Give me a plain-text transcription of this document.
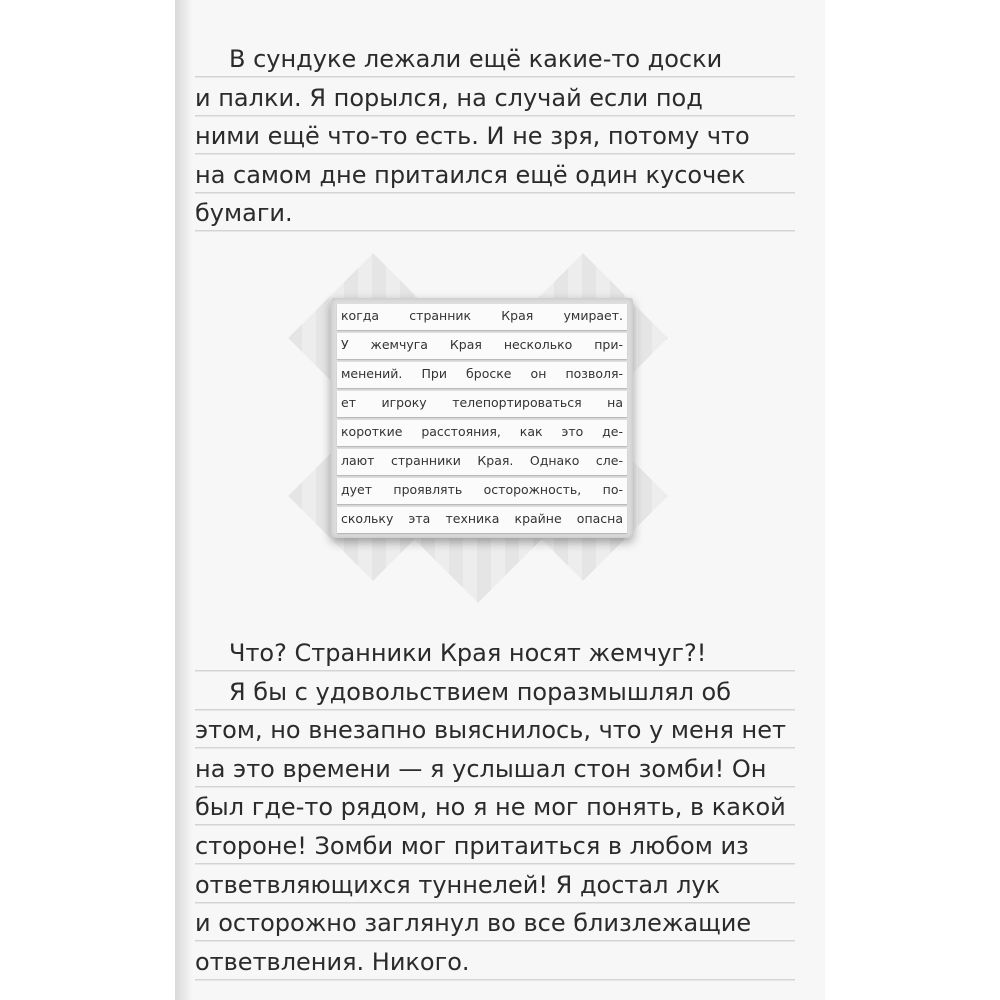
В сундуке лежали ещё какие-то доски
и палки. Я порылся, на случай если под
ними ещё что-то есть. И не зря, потому что
на самом дне притаился ещё один кусочек
бумаги.
когда странник Края умирает.
У жемчуга Края несколько при-
менений. При броске он позволя-
ет игроку телепортироваться на
короткие расстояния, как это де-
лают странники Края. Однако сле-
дует проявлять осторожность, по-
скольку эта техника крайне опасна
Что? Странники Края носят жемчуг?!
Я бы с удовольствием поразмышлял об
этом, но внезапно выяснилось, что у меня нет
на это времени — я услышал стон зомби! Он
был где-то рядом, но я не мог понять, в какой
стороне! Зомби мог притаиться в любом из
ответвляющихся туннелей! Я достал лук
и осторожно заглянул во все близлежащие
ответвления. Никого.
